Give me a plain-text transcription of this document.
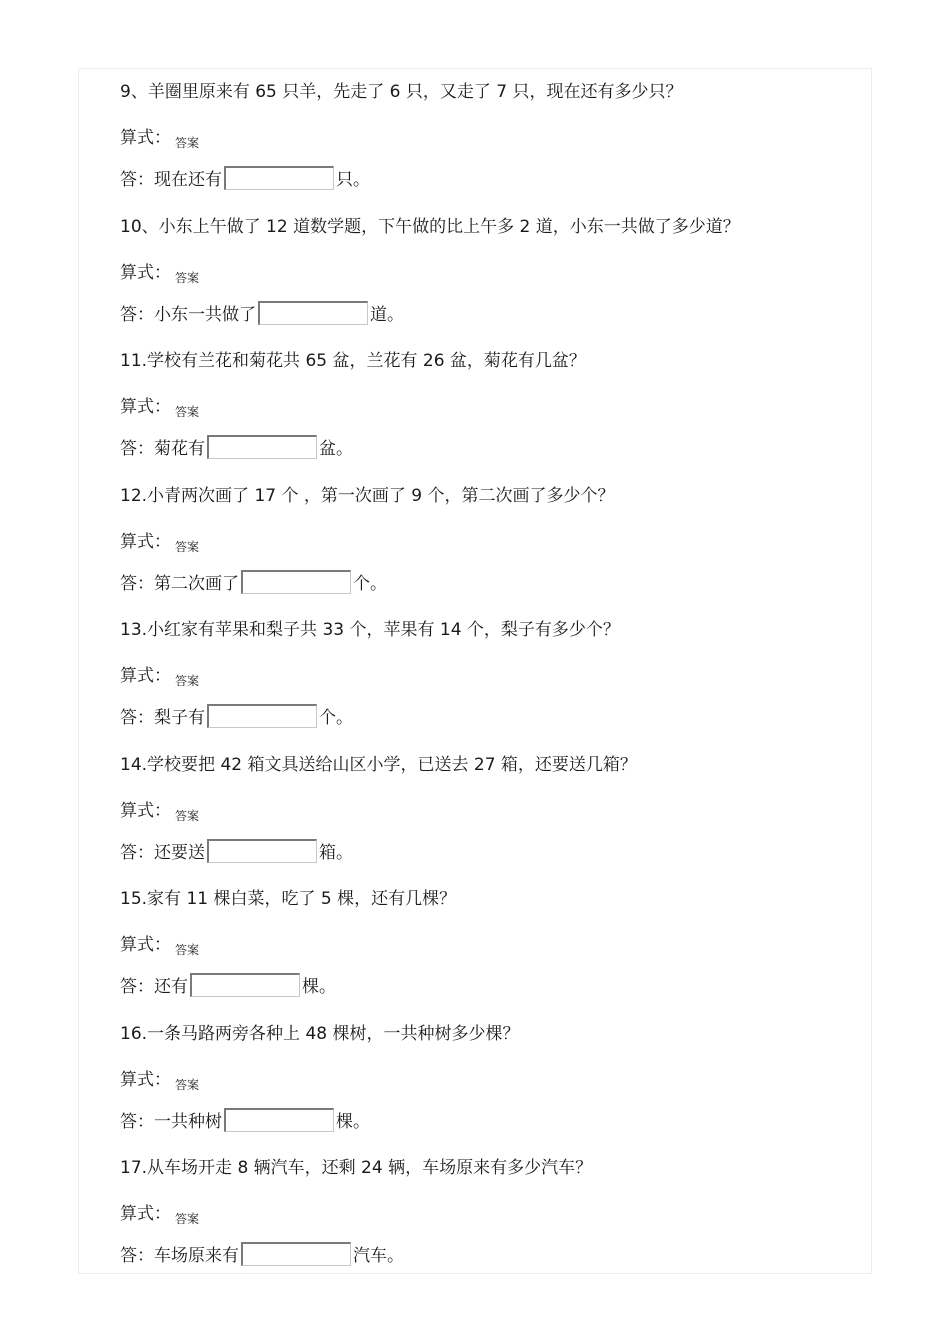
9、羊圈里原来有 65 只羊，先走了 6 只，又走了 7 只，现在还有多少只？
算式： $_{答案}$
答：现在还有	只。
10、小东上午做了 12 道数学题，下午做的比上午多 2 道，小东一共做了多少道？
算式： $_{答案}$
答：小东一共做了	道。
11.学校有兰花和菊花共 65 盆，兰花有 26 盆，菊花有几盆？
算式： $_{答案}$
答：菊花有	盆。
12.小青两次画了 17 个 ，第一次画了 9 个，第二次画了多少个？
算式： $_{答案}$
答：第二次画了	个。
13.小红家有苹果和梨子共 33 个，苹果有 14 个，梨子有多少个？
算式： $_{答案}$
答：梨子有	个。
14.学校要把 42 箱文具送给山区小学，已送去 27 箱，还要送几箱？
算式： $_{答案}$
答：还要送	箱。
15.家有 11 棵白菜，吃了 5 棵，还有几棵？
算式： $_{答案}$
答：还有	棵。
16.一条马路两旁各种上 48 棵树，一共种树多少棵？
算式： $_{答案}$
答：一共种树	棵。
17.从车场开走 8 辆汽车，还剩 24 辆，车场原来有多少汽车？
算式： $_{答案}$
答：车场原来有	汽车。
